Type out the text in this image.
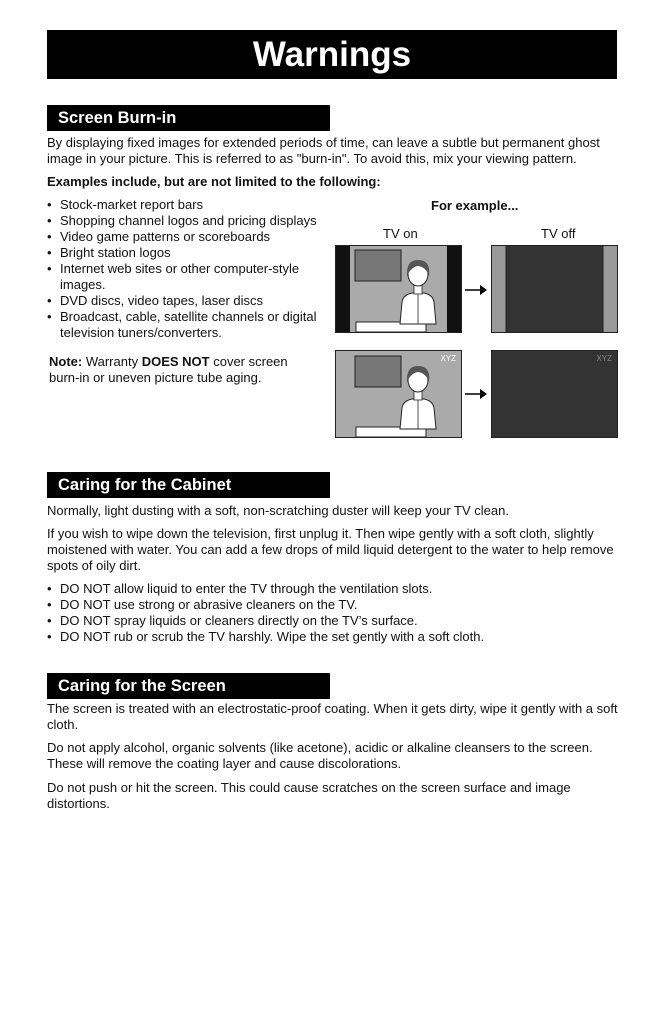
Warnings
Screen Burn-in
By displaying fixed images for extended periods of time, can leave a subtle but permanent ghost image in your picture. This is referred to as "burn-in". To avoid this, mix your viewing pattern.
Examples include, but are not limited to the following:
• Stock-market report bars
• Shopping channel logos and pricing displays
• Video game patterns or scoreboards
• Bright station logos
• Internet web sites or other computer-style images.
• DVD discs, video tapes, laser discs
• Broadcast, cable, satellite channels or digital television tuners/converters.
Note: Warranty DOES NOT cover screen burn-in or uneven picture tube aging.
For example...
TV on	TV off
XYZ	XYZ
Caring for the Cabinet
Normally, light dusting with a soft, non-scratching duster will keep your TV clean.
If you wish to wipe down the television, first unplug it. Then wipe gently with a soft cloth, slightly moistened with water. You can add a few drops of mild liquid detergent to the water to help remove spots of oily dirt.
• DO NOT allow liquid to enter the TV through the ventilation slots.
• DO NOT use strong or abrasive cleaners on the TV.
• DO NOT spray liquids or cleaners directly on the TV’s surface.
• DO NOT rub or scrub the TV harshly. Wipe the set gently with a soft cloth.
Caring for the Screen
The screen is treated with an electrostatic-proof coating. When it gets dirty, wipe it gently with a soft cloth.
Do not apply alcohol, organic solvents (like acetone), acidic or alkaline cleansers to the screen. These will remove the coating layer and cause discolorations.
Do not push or hit the screen. This could cause scratches on the screen surface and image distortions.
